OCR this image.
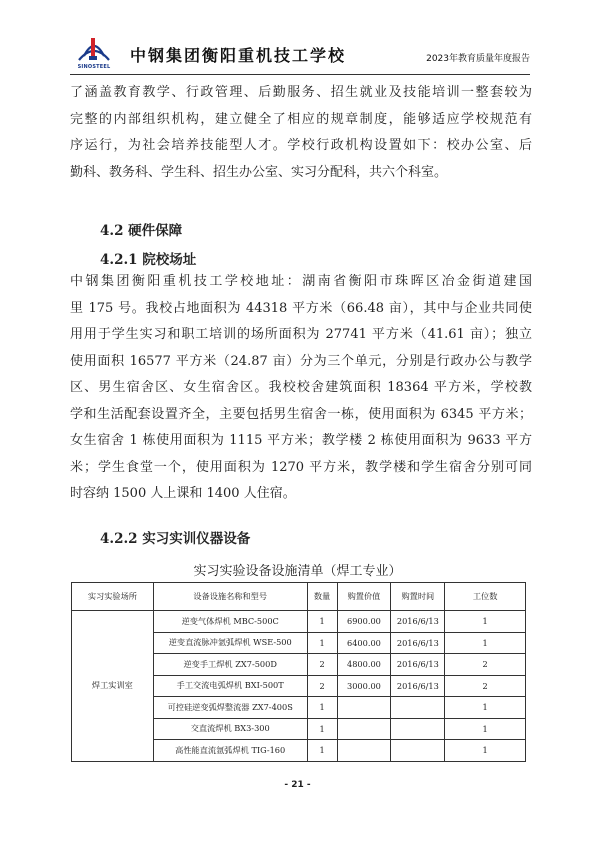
SINOSTEEL
中钢集团衡阳重机技工学校	2023年教育质量年度报告
了涵盖教育教学、行政管理、后勤服务、招生就业及技能培训一整套较为
完整的内部组织机构，建立健全了相应的规章制度，能够适应学校规范有
序运行，为社会培养技能型人才。学校行政机构设置如下：校办公室、后
勤科、教务科、学生科、招生办公室、实习分配科，共六个科室。
4.2 硬件保障
4.2.1 院校场址
中钢集团衡阳重机技工学校地址：湖南省衡阳市珠晖区冶金街道建国
里 175 号。我校占地面积为 44318 平方米（66.48 亩），其中与企业共同使
用用于学生实习和职工培训的场所面积为 27741 平方米（41.61 亩）；独立
使用面积 16577 平方米（24.87 亩）分为三个单元，分别是行政办公与教学
区、男生宿舍区、女生宿舍区。我校校舍建筑面积 18364 平方米，学校教
学和生活配套设置齐全，主要包括男生宿舍一栋，使用面积为 6345 平方米；
女生宿舍 1 栋使用面积为 1115 平方米；教学楼 2 栋使用面积为 9633 平方
米；学生食堂一个，使用面积为 1270 平方米，教学楼和学生宿舍分别可同
时容纳 1500 人上课和 1400 人住宿。
4.2.2 实习实训仪器设备
实习实验设备设施清单（焊工专业）
实习实验场所	设备设施名称和型号	数量	购置价值	购置时间	工位数
焊工实训室	逆变气体焊机 MBC-500C	1	6900.00	2016/6/13	1
	逆变直流脉冲氩弧焊机 WSE-500	1	6400.00	2016/6/13	1
	逆变手工焊机 ZX7-500D	2	4800.00	2016/6/13	2
	手工交流电弧焊机 BXI-500T	2	3000.00	2016/6/13	2
	可控硅逆变弧焊整流器 ZX7-400S	1			1
	交直流焊机 BX3-300	1			1
	高性能直流氩弧焊机 TIG-160	1			1
- 21 -
